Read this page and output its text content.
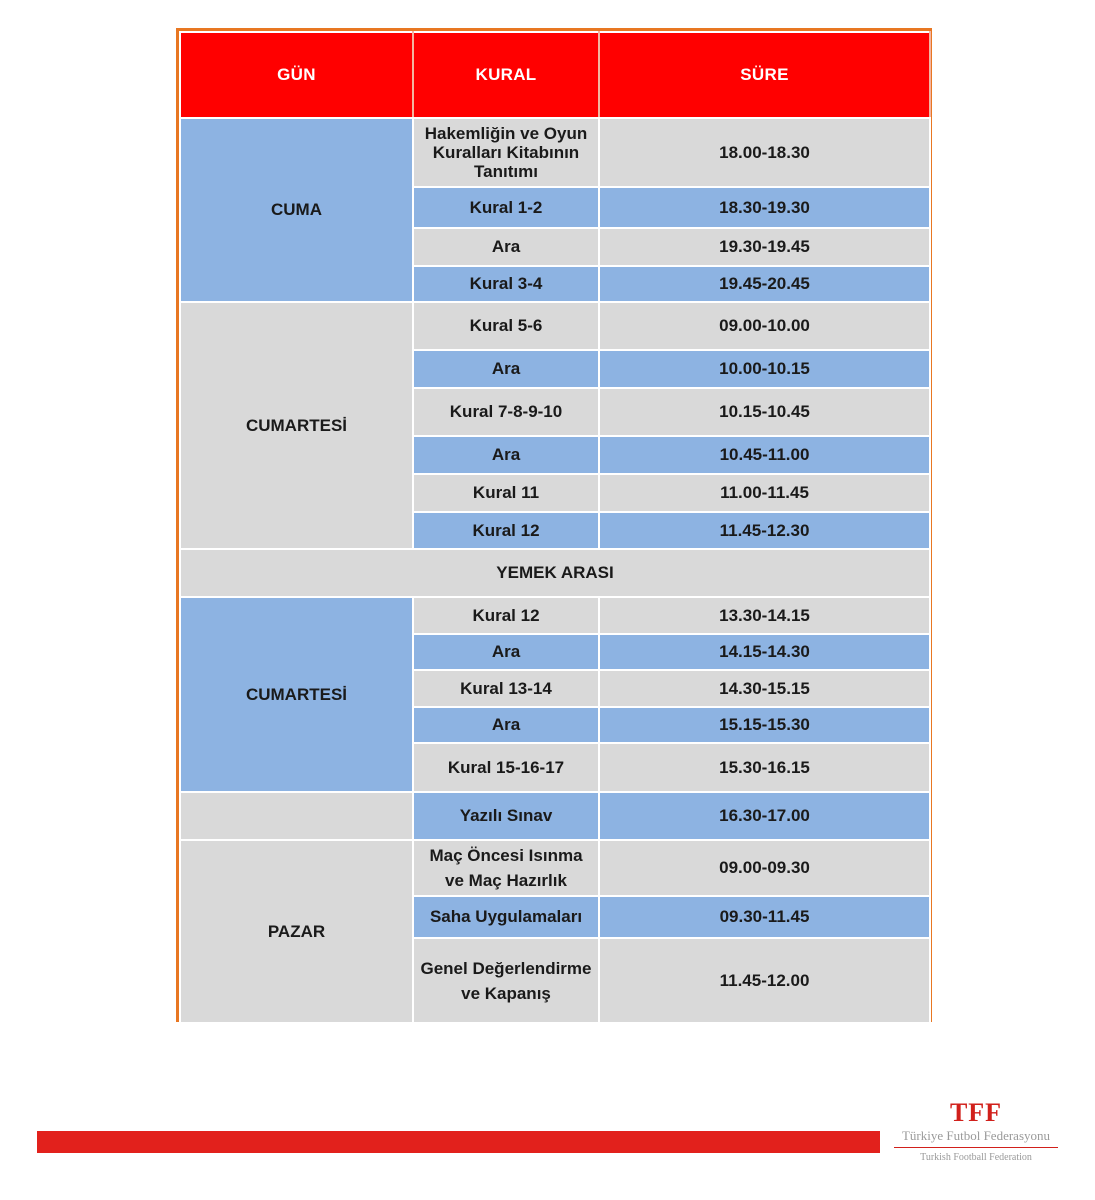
GÜN	KURAL	SÜRE
CUMA	Hakemliğin ve Oyun Kuralları Kitabının Tanıtımı	18.00-18.30
	Kural 1-2	18.30-19.30
	Ara	19.30-19.45
	Kural 3-4	19.45-20.45
CUMARTESİ	Kural 5-6	09.00-10.00
	Ara	10.00-10.15
	Kural 7-8-9-10	10.15-10.45
	Ara	10.45-11.00
	Kural 11	11.00-11.45
	Kural 12	11.45-12.30
YEMEK ARASI		
CUMARTESİ	Kural 12	13.30-14.15
	Ara	14.15-14.30
	Kural 13-14	14.30-15.15
	Ara	15.15-15.30
	Kural 15-16-17	15.30-16.15
	Yazılı Sınav	16.30-17.00
PAZAR	Maç Öncesi Isınma ve Maç Hazırlık	09.00-09.30
	Saha Uygulamaları	09.30-11.45
	Genel Değerlendirme ve Kapanış	11.45-12.00
TFF
Türkiye Futbol Federasyonu
Turkish Football Federation
